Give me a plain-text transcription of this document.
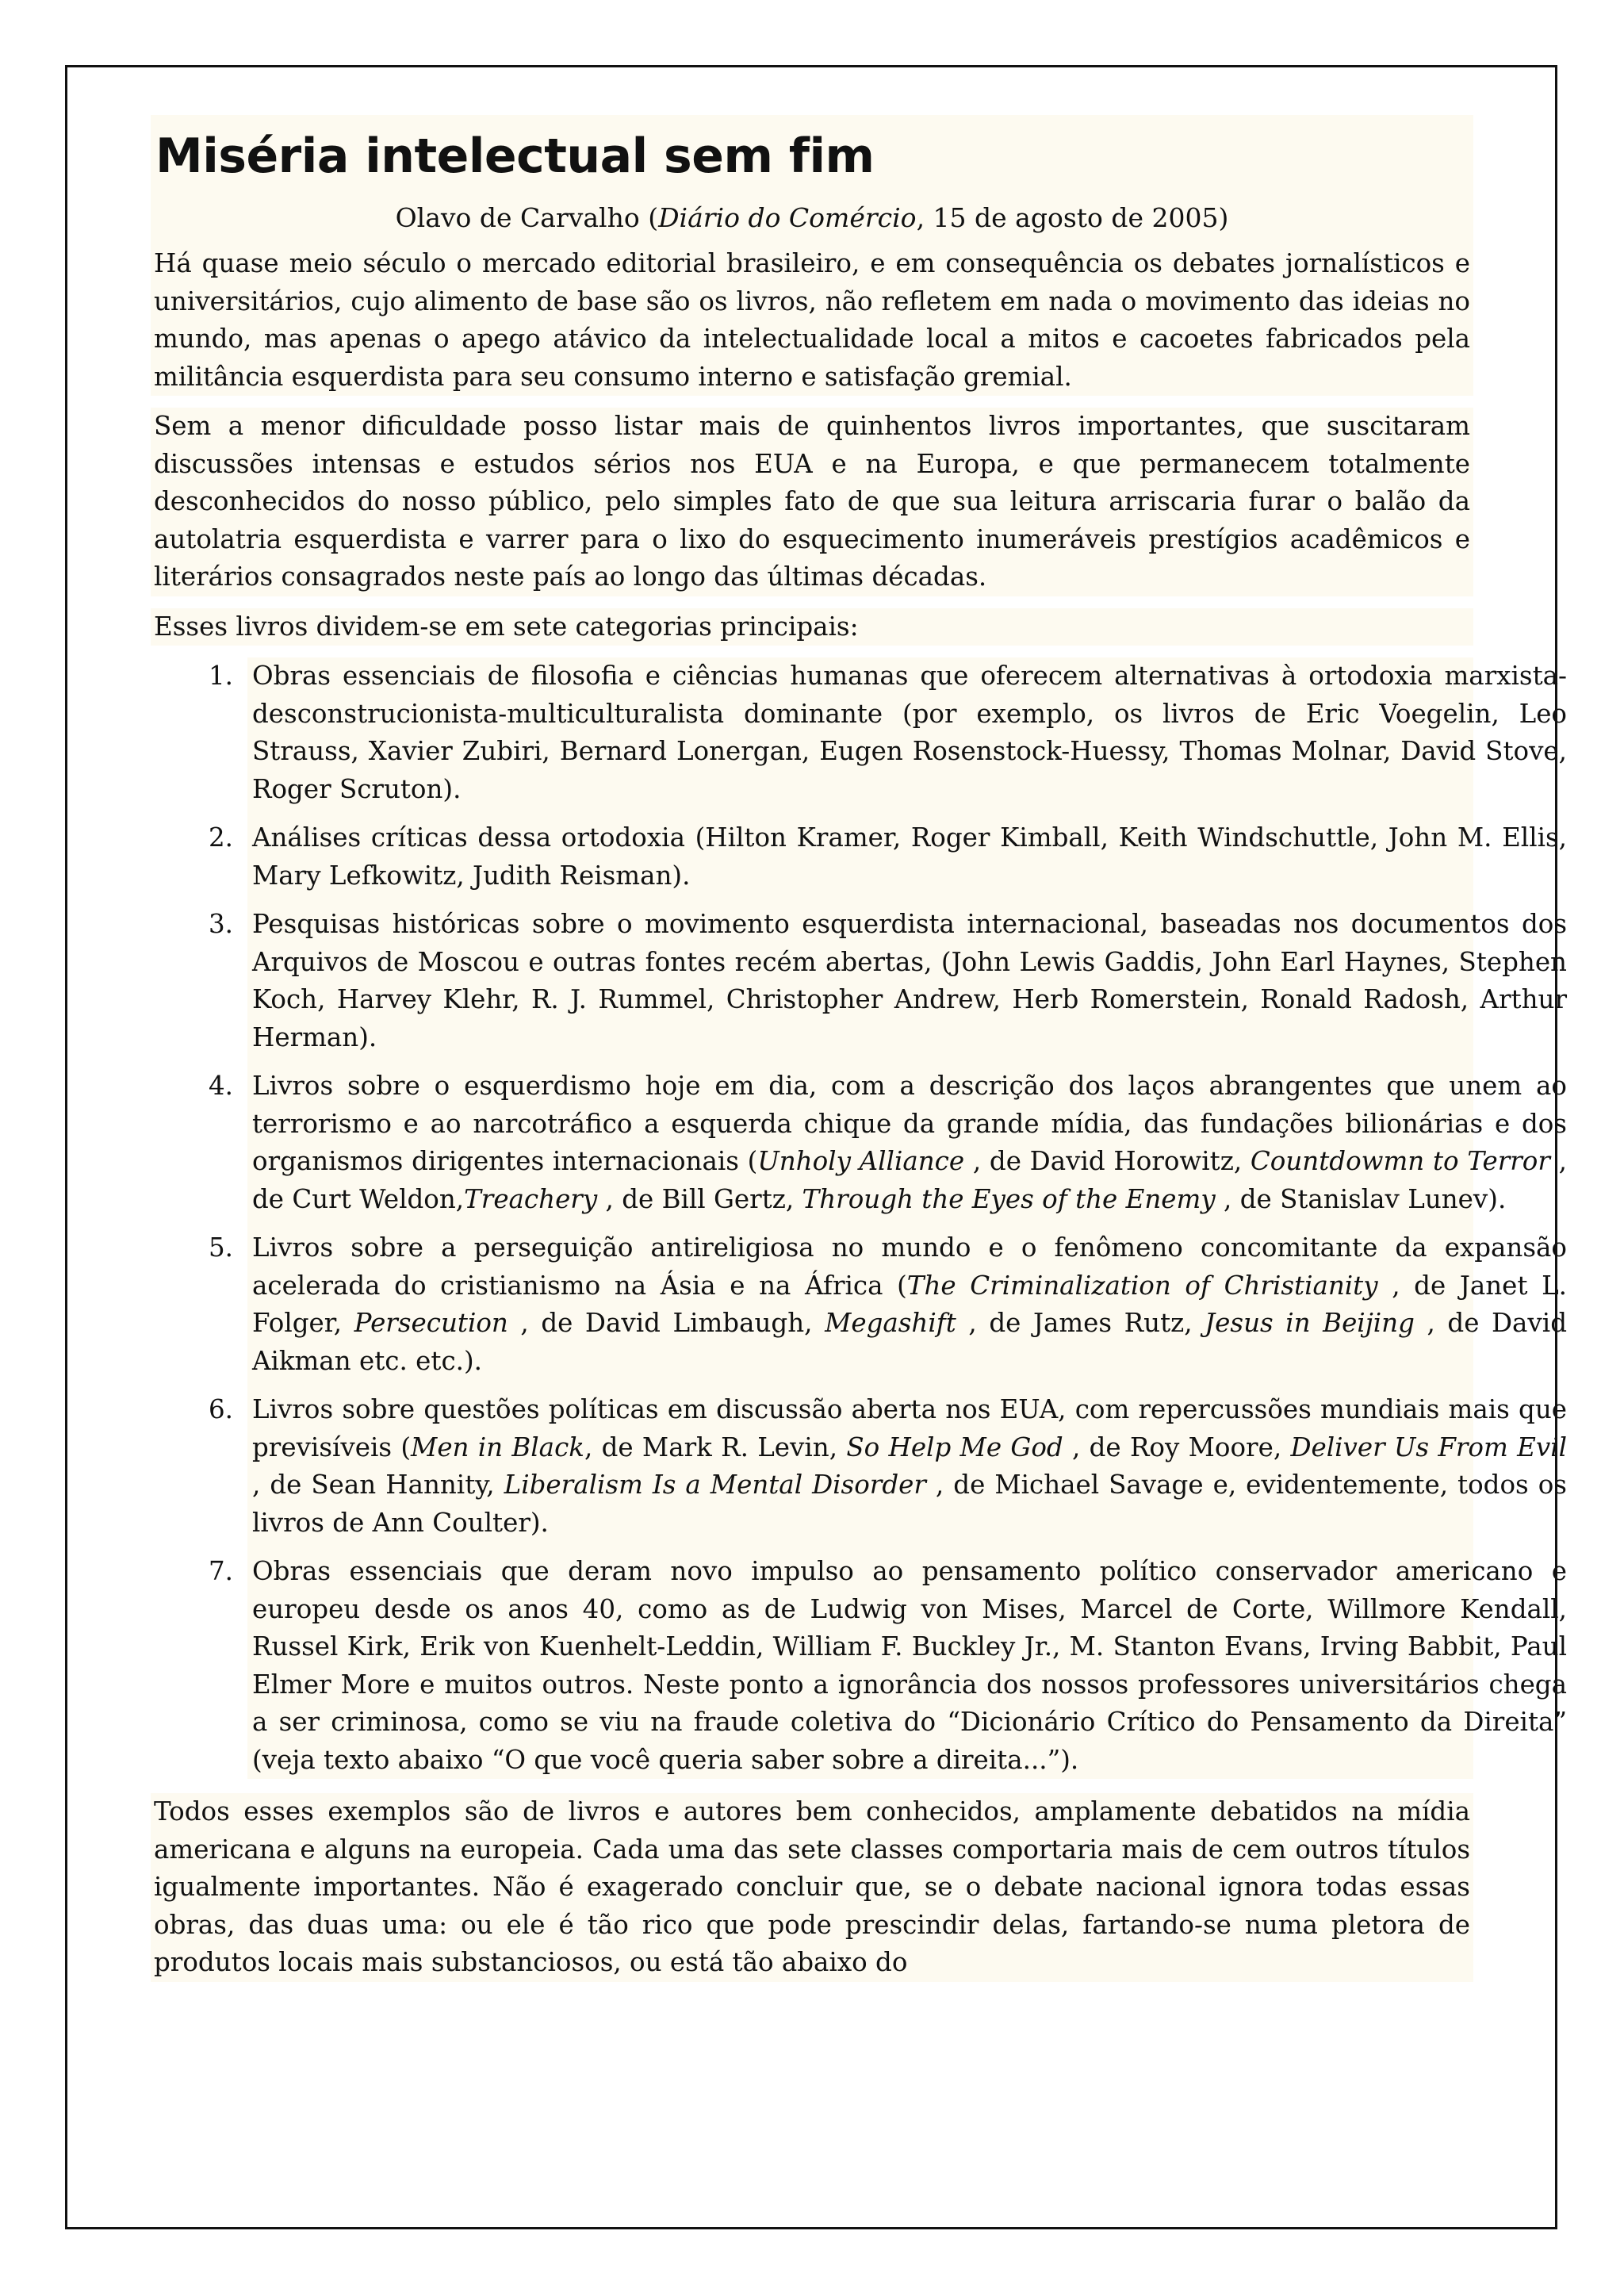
Miséria intelectual sem fim

Olavo de Carvalho (Diário do Comércio, 15 de agosto de 2005)

Há quase meio século o mercado editorial brasileiro, e em consequência os debates jornalísticos e universitários, cujo alimento de base são os livros, não refletem em nada o movimento das ideias no mundo, mas apenas o apego atávico da intelectualidade local a mitos e cacoetes fabricados pela militância esquerdista para seu consumo interno e satisfação gremial.

Sem a menor dificuldade posso listar mais de quinhentos livros importantes, que suscitaram discussões intensas e estudos sérios nos EUA e na Europa, e que permanecem totalmente desconhecidos do nosso público, pelo simples fato de que sua leitura arriscaria furar o balão da autolatria esquerdista e varrer para o lixo do esquecimento inumeráveis prestígios acadêmicos e literários consagrados neste país ao longo das últimas décadas.

Esses livros dividem-se em sete categorias principais:

1. Obras essenciais de filosofia e ciências humanas que oferecem alternativas à ortodoxia marxista-desconstrucionista-multiculturalista dominante (por exemplo, os livros de Eric Voegelin, Leo Strauss, Xavier Zubiri, Bernard Lonergan, Eugen Rosenstock-Huessy, Thomas Molnar, David Stove, Roger Scruton).
2. Análises críticas dessa ortodoxia (Hilton Kramer, Roger Kimball, Keith Windschuttle, John M. Ellis, Mary Lefkowitz, Judith Reisman).
3. Pesquisas históricas sobre o movimento esquerdista internacional, baseadas nos documentos dos Arquivos de Moscou e outras fontes recém abertas, (John Lewis Gaddis, John Earl Haynes, Stephen Koch, Harvey Klehr, R. J. Rummel, Christopher Andrew, Herb Romerstein, Ronald Radosh, Arthur Herman).
4. Livros sobre o esquerdismo hoje em dia, com a descrição dos laços abrangentes que unem ao terrorismo e ao narcotráfico a esquerda chique da grande mídia, das fundações bilionárias e dos organismos dirigentes internacionais (Unholy Alliance , de David Horowitz, Countdowmn to Terror , de Curt Weldon,Treachery , de Bill Gertz, Through the Eyes of the Enemy , de Stanislav Lunev).
5. Livros sobre a perseguição antireligiosa no mundo e o fenômeno concomitante da expansão acelerada do cristianismo na Ásia e na África (The Criminalization of Christianity , de Janet L. Folger, Persecution , de David Limbaugh, Megashift , de James Rutz, Jesus in Beijing , de David Aikman etc. etc.).
6. Livros sobre questões políticas em discussão aberta nos EUA, com repercussões mundiais mais que previsíveis (Men in Black, de Mark R. Levin, So Help Me God , de Roy Moore, Deliver Us From Evil , de Sean Hannity, Liberalism Is a Mental Disorder , de Michael Savage e, evidentemente, todos os livros de Ann Coulter).
7. Obras essenciais que deram novo impulso ao pensamento político conservador americano e europeu desde os anos 40, como as de Ludwig von Mises, Marcel de Corte, Willmore Kendall, Russel Kirk, Erik von Kuenhelt-Leddin, William F. Buckley Jr., M. Stanton Evans, Irving Babbit, Paul Elmer More e muitos outros. Neste ponto a ignorância dos nossos professores universitários chega a ser criminosa, como se viu na fraude coletiva do “Dicionário Crítico do Pensamento da Direita” (veja texto abaixo “O que você queria saber sobre a direita...”).

Todos esses exemplos são de livros e autores bem conhecidos, amplamente debatidos na mídia americana e alguns na europeia. Cada uma das sete classes comportaria mais de cem outros títulos igualmente importantes. Não é exagerado concluir que, se o debate nacional ignora todas essas obras, das duas uma: ou ele é tão rico que pode prescindir delas, fartando-se numa pletora de produtos locais mais substanciosos, ou está tão abaixo do
